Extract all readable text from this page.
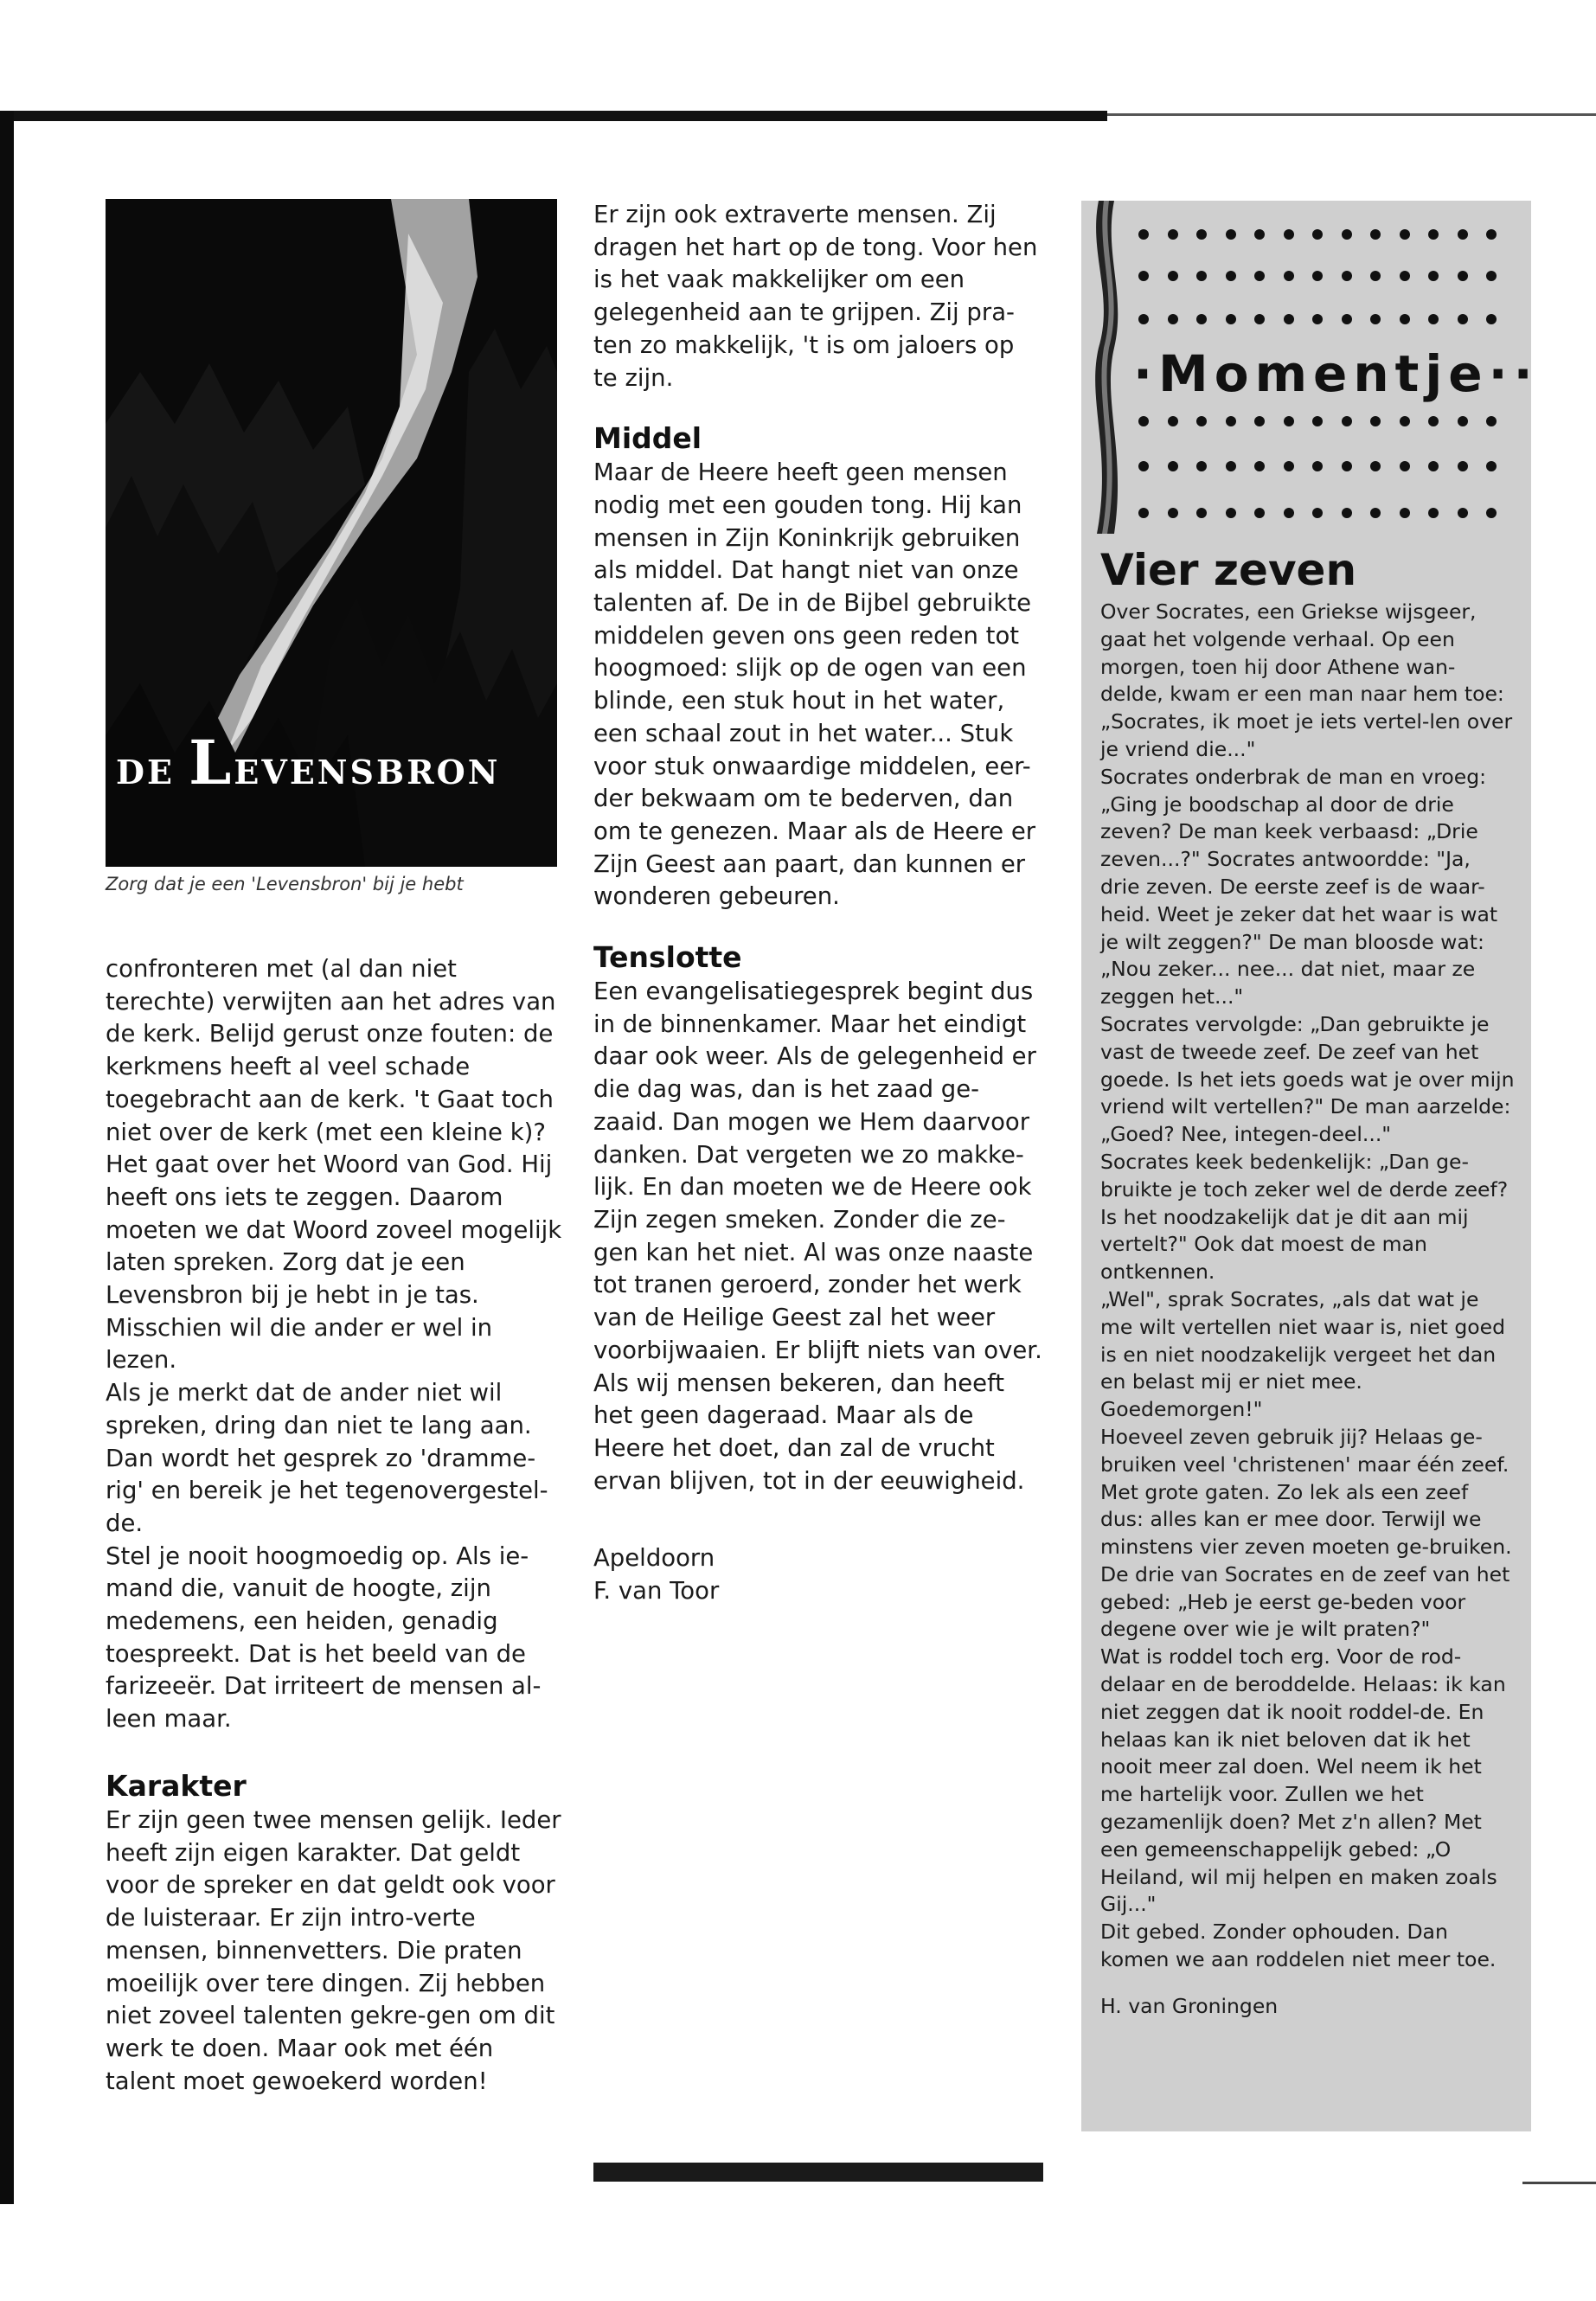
DE LEVENSBRON
Zorg dat je een 'Levensbron' bij je hebt

confronteren met (al dan niet terechte) verwijten aan het adres van de kerk. Belijd gerust onze fouten: de kerkmens heeft al veel schade toegebracht aan de kerk. 't Gaat toch niet over de kerk (met een kleine k)? Het gaat over het Woord van God. Hij heeft ons iets te zeggen. Daarom moeten we dat Woord zoveel mogelijk laten spreken. Zorg dat je een Levensbron bij je hebt in je tas. Misschien wil die ander er wel in lezen.

Als je merkt dat de ander niet wil spreken, dring dan niet te lang aan. Dan wordt het gesprek zo 'dramme-rig' en bereik je het tegenovergestel-de.

Stel je nooit hoogmoedig op. Als ie-mand die, vanuit de hoogte, zijn medemens, een heiden, genadig toespreekt. Dat is het beeld van de farizeeër. Dat irriteert de mensen al-leen maar.

Karakter

Er zijn geen twee mensen gelijk. Ieder heeft zijn eigen karakter. Dat geldt voor de spreker en dat geldt ook voor de luisteraar. Er zijn intro-verte mensen, binnenvetters. Die praten moeilijk over tere dingen. Zij hebben niet zoveel talenten gekre-gen om dit werk te doen. Maar ook met één talent moet gewoekerd worden!

Er zijn ook extraverte mensen. Zij dragen het hart op de tong. Voor hen is het vaak makkelijker om een gelegenheid aan te grijpen. Zij pra-ten zo makkelijk, 't is om jaloers op te zijn.

Middel

Maar de Heere heeft geen mensen nodig met een gouden tong. Hij kan mensen in Zijn Koninkrijk gebruiken als middel. Dat hangt niet van onze talenten af. De in de Bijbel gebruikte middelen geven ons geen reden tot hoogmoed: slijk op de ogen van een blinde, een stuk hout in het water, een schaal zout in het water... Stuk voor stuk onwaardige middelen, eer-der bekwaam om te bederven, dan om te genezen. Maar als de Heere er Zijn Geest aan paart, dan kunnen er wonderen gebeuren.

Tenslotte

Een evangelisatiegesprek begint dus in de binnenkamer. Maar het eindigt daar ook weer. Als de gelegenheid er die dag was, dan is het zaad ge-zaaid. Dan mogen we Hem daarvoor danken. Dat vergeten we zo makke-lijk. En dan moeten we de Heere ook Zijn zegen smeken. Zonder die ze-gen kan het niet. Al was onze naaste tot tranen geroerd, zonder het werk van de Heilige Geest zal het weer voorbijwaaien. Er blijft niets van over. Als wij mensen bekeren, dan heeft het geen dageraad. Maar als de Heere het doet, dan zal de vrucht ervan blijven, tot in der eeuwigheid.

Apeldoorn

F. van Toor

·Momentje··
Vier zeven

Over Socrates, een Griekse wijsgeer, gaat het volgende verhaal. Op een morgen, toen hij door Athene wan-delde, kwam er een man naar hem toe: „Socrates, ik moet je iets vertel-len over je vriend die..."

Socrates onderbrak de man en vroeg: „Ging je boodschap al door de drie zeven? De man keek verbaasd: „Drie zeven...?" Socrates antwoordde: "Ja, drie zeven. De eerste zeef is de waar-heid. Weet je zeker dat het waar is wat je wilt zeggen?" De man bloosde wat: „Nou zeker... nee... dat niet, maar ze zeggen het..."

Socrates vervolgde: „Dan gebruikte je vast de tweede zeef. De zeef van het goede. Is het iets goeds wat je over mijn vriend wilt vertellen?" De man aarzelde: „Goed? Nee, integen-deel..."

Socrates keek bedenkelijk: „Dan ge-bruikte je toch zeker wel de derde zeef? Is het noodzakelijk dat je dit aan mij vertelt?" Ook dat moest de man ontkennen.

„Wel", sprak Socrates, „als dat wat je me wilt vertellen niet waar is, niet goed is en niet noodzakelijk vergeet het dan en belast mij er niet mee. Goedemorgen!"

Hoeveel zeven gebruik jij? Helaas ge-bruiken veel 'christenen' maar één zeef. Met grote gaten. Zo lek als een zeef dus: alles kan er mee door. Terwijl we minstens vier zeven moeten ge-bruiken. De drie van Socrates en de zeef van het gebed: „Heb je eerst ge-beden voor degene over wie je wilt praten?"

Wat is roddel toch erg. Voor de rod-delaar en de beroddelde. Helaas: ik kan niet zeggen dat ik nooit roddel-de. En helaas kan ik niet beloven dat ik het nooit meer zal doen. Wel neem ik het me hartelijk voor. Zullen we het gezamenlijk doen? Met z'n allen? Met een gemeenschappelijk gebed: „O Heiland, wil mij helpen en maken zoals Gij..."

Dit gebed. Zonder ophouden. Dan komen we aan roddelen niet meer toe.

H. van Groningen
